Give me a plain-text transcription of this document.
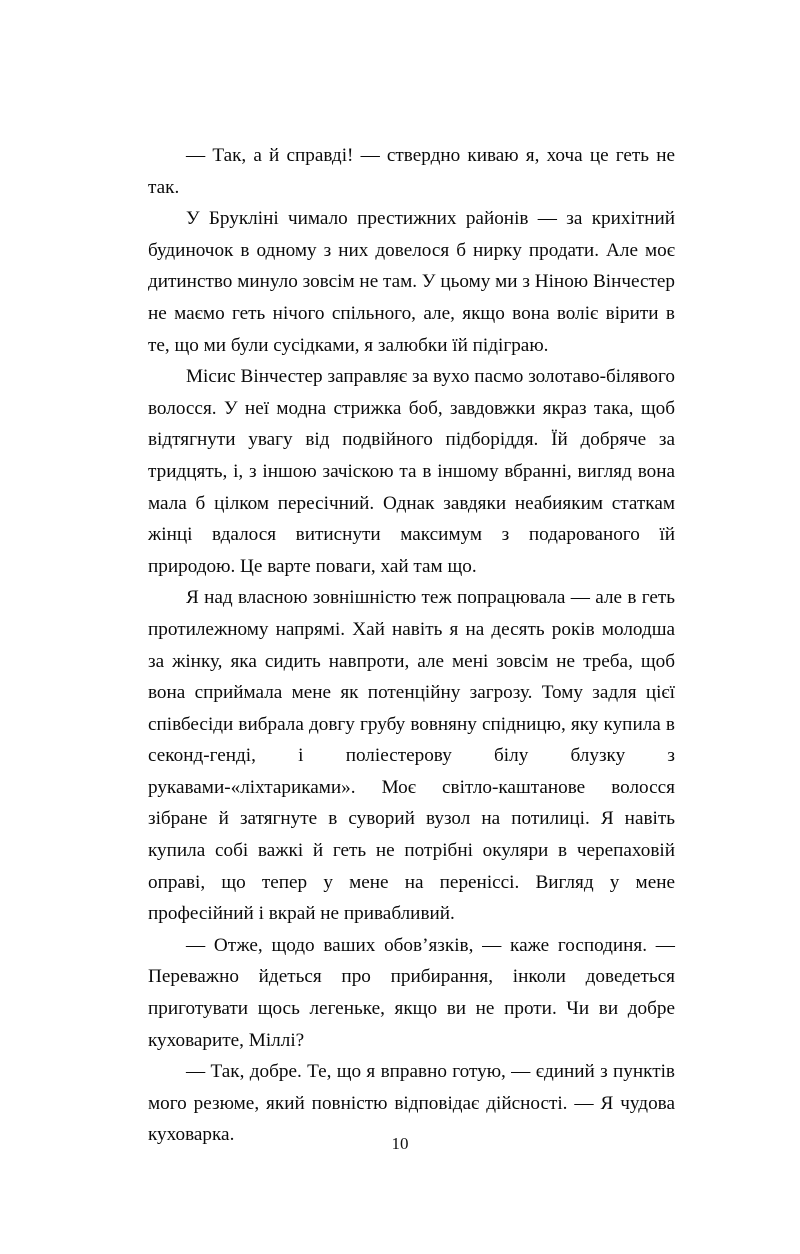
— Так, а й справді! — ствердно киваю я, хоча це геть не так.

У Брукліні чимало престижних районів — за крихітний будиночок в одному з них довелося б нирку продати. Але моє дитинство минуло зовсім не там. У цьому ми з Ніною Вінчестер не маємо геть нічого спільного, але, якщо вона воліє вірити в те, що ми були сусідками, я залюбки їй підіграю.

Місис Вінчестер заправляє за вухо пасмо золотаво-білявого волосся. У неї модна стрижка боб, завдовжки якраз така, щоб відтягнути увагу від подвійного підборіддя. Їй добряче за тридцять, і, з іншою зачіскою та в іншому вбранні, вигляд вона мала б цілком пересічний. Однак завдяки неабияким статкам жінці вдалося витиснути максимум з подарованого їй природою. Це варте поваги, хай там що.

Я над власною зовнішністю теж попрацювала — але в геть протилежному напрямі. Хай навіть я на десять років молодша за жінку, яка сидить навпроти, але мені зовсім не треба, щоб вона сприймала мене як потенційну загрозу. Тому задля цієї співбесіди вибрала довгу грубу вовняну спідницю, яку купила в секонд-генді, і поліестерову білу блузку з рукавами-«ліхтариками». Моє світло-каштанове волосся зібране й затягнуте в суворий вузол на потилиці. Я навіть купила собі важкі й геть не потрібні окуляри в черепаховій оправі, що тепер у мене на переніссі. Вигляд у мене професійний і вкрай не привабливий.

— Отже, щодо ваших обов’язків, — каже господиня. — Переважно йдеться про прибирання, інколи доведеться приготувати щось легеньке, якщо ви не проти. Чи ви добре куховарите, Міллі?

— Так, добре. Те, що я вправно готую, — єдиний з пунктів мого резюме, який повністю відповідає дійсності. — Я чудова куховарка.	10
